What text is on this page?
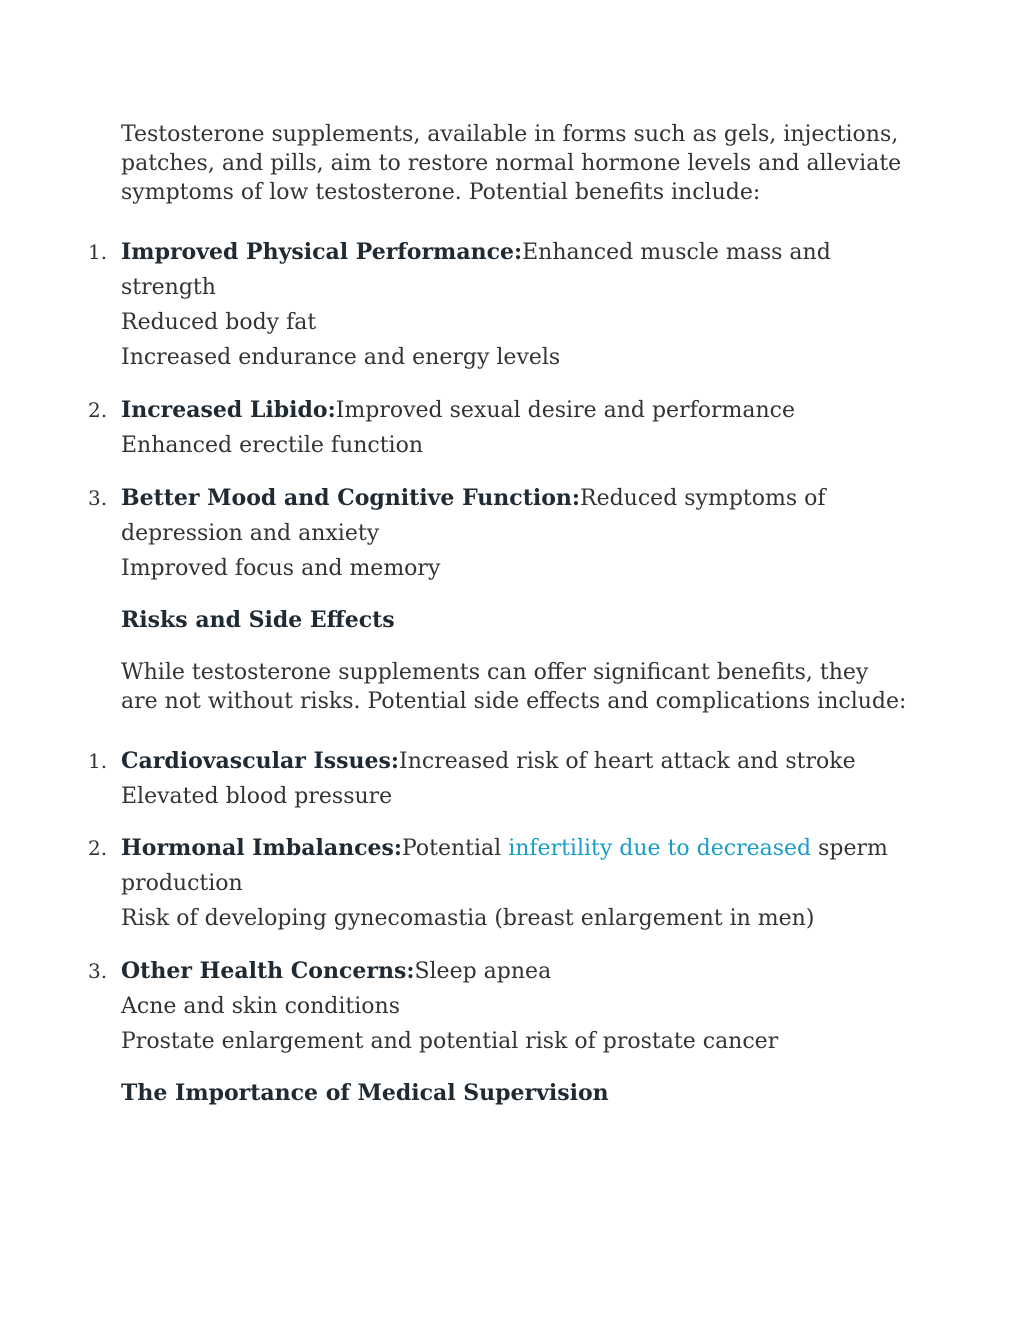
Testosterone supplements, available in forms such as gels, injections, patches, and pills, aim to restore normal hormone levels and alleviate symptoms of low testosterone. Potential benefits include:

1. Improved Physical Performance:Enhanced muscle mass and
strength
Reduced body fat
Increased endurance and energy levels
2. Increased Libido:Improved sexual desire and performance
Enhanced erectile function
3. Better Mood and Cognitive Function:Reduced symptoms of
depression and anxiety
Improved focus and memory
Risks and Side Effects

While testosterone supplements can offer significant benefits, they are not without risks. Potential side effects and complications include:

1. Cardiovascular Issues:Increased risk of heart attack and stroke
Elevated blood pressure
2. Hormonal Imbalances:Potential infertility due to decreased sperm
production
Risk of developing gynecomastia (breast enlargement in men)
3. Other Health Concerns:Sleep apnea
Acne and skin conditions
Prostate enlargement and potential risk of prostate cancer
The Importance of Medical Supervision
